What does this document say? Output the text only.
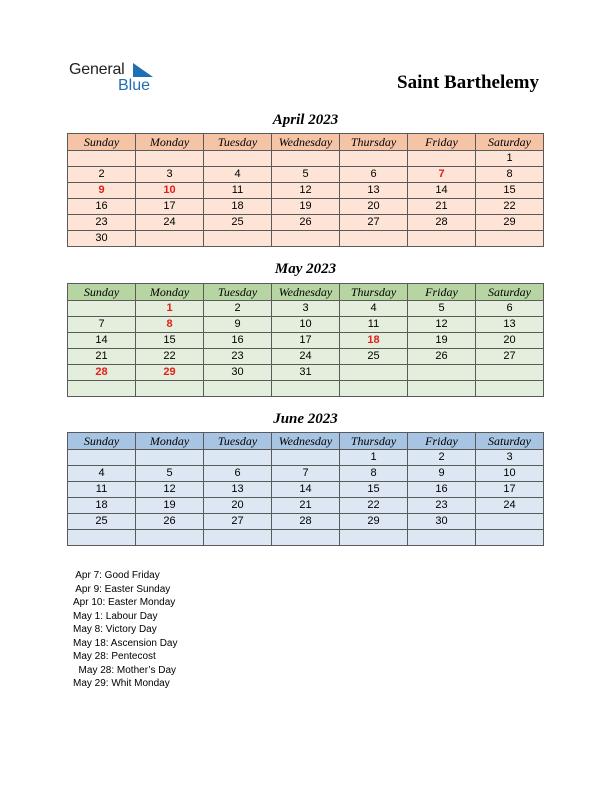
General
Blue	Saint Barthelemy
April 2023
Sunday	Monday	Tuesday	Wednesday	Thursday	Friday	Saturday
						1
2	3	4	5	6	7	8
9	10	11	12	13	14	15
16	17	18	19	20	21	22
23	24	25	26	27	28	29
30						
May 2023
Sunday	Monday	Tuesday	Wednesday	Thursday	Friday	Saturday
	1	2	3	4	5	6
7	8	9	10	11	12	13
14	15	16	17	18	19	20
21	22	23	24	25	26	27
28	29	30	31			

June 2023
Sunday	Monday	Tuesday	Wednesday	Thursday	Friday	Saturday
				1	2	3
4	5	6	7	8	9	10
11	12	13	14	15	16	17
18	19	20	21	22	23	24
25	26	27	28	29	30	

Apr 7: Good Friday
Apr 9: Easter Sunday
Apr 10: Easter Monday
May 1: Labour Day
May 8: Victory Day
May 18: Ascension Day
May 28: Pentecost
May 28: Mother’s Day
May 29: Whit Monday
